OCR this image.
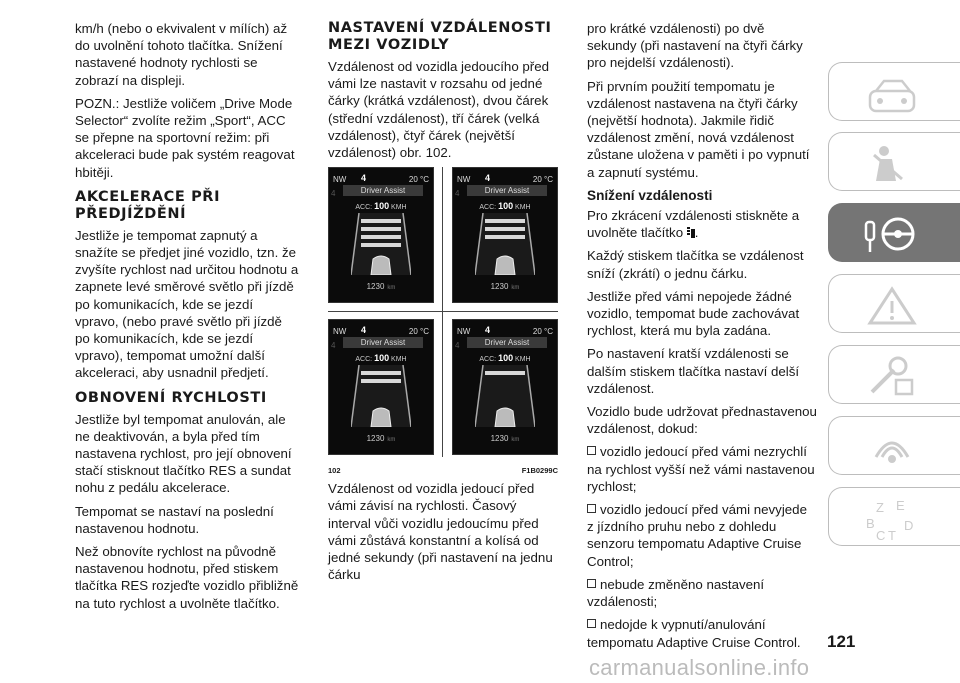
km/h (nebo o ekvivalent v mílích) až do uvolnění tohoto tlačítka. Snížení nastavené hodnoty rychlosti se zobrazí na displeji.

POZN.: Jestliže voličem „Drive Mode Selector“ zvolíte režim „Sport“, ACC se přepne na sportovní režim: při akceleraci bude pak systém reagovat hbitěji.

AKCELERACE PŘI PŘEDJÍŽDĚNÍ

Jestliže je tempomat zapnutý a snažíte se předjet jiné vozidlo, tzn. že zvyšíte rychlost nad určitou hodnotu a zapnete levé směrové světlo při jízdě po komunikacích, kde se jezdí vpravo, (nebo pravé světlo při jízdě po komunikacích, kde se jezdí vpravo), tempomat umožní další akceleraci, aby usnadnil předjetí.

OBNOVENÍ RYCHLOSTI

Jestliže byl tempomat anulován, ale ne deaktivován, a byla před tím nastavena rychlost, pro její obnovení stačí stisknout tlačítko RES a sundat nohu z pedálu akcelerace.

Tempomat se nastaví na poslední nastavenou hodnotu.

Než obnovíte rychlost na původně nastavenou hodnotu, před stiskem tlačítka RES rozjeďte vozidlo přibližně na tuto rychlost a uvolněte tlačítko.

NASTAVENÍ VZDÁLENOSTI MEZI VOZIDLY

Vzdálenost od vozidla jedoucího před vámi lze nastavit v rozsahu od jedné čárky (krátká vzdálenost), dvou čárek (střední vzdálenost), tří čárek (velká vzdálenost), čtyř čárek (největší vzdálenost) obr. 102.

NW 4	20 °C
4	Driver Assist
ACC: 100 KMH
1230 km
NW 4	20 °C
4	Driver Assist
ACC: 100 KMH
1230 km
NW 4	20 °C
4	Driver Assist
ACC: 100 KMH
1230 km
NW 4	20 °C
4	Driver Assist
ACC: 100 KMH
1230 km
102	F1B0299C

Vzdálenost od vozidla jedoucí před vámi závisí na rychlosti. Časový interval vůči vozidlu jedoucímu před vámi zůstává konstantní a kolísá od jedné sekundy (při nastavení na jednu čárku

pro krátké vzdálenosti) po dvě sekundy (při nastavení na čtyři čárky pro nejdelší vzdálenosti).

Při prvním použití tempomatu je vzdálenost nastavena na čtyři čárky (největší hodnota). Jakmile řidič vzdálenost změní, nová vzdálenost zůstane uložena v paměti i po vypnutí a zapnutí systému.

Snížení vzdálenosti

Pro zkrácení vzdálenosti stiskněte a uvolněte tlačítko .

Každý stiskem tlačítka se vzdálenost sníží (zkrátí) o jednu čárku.

Jestliže před vámi nepojede žádné vozidlo, tempomat bude zachovávat rychlost, která mu byla zadána.

Po nastavení kratší vzdálenosti se dalším stiskem tlačítka nastaví delší vzdálenost.

Vozidlo bude udržovat přednastavenou vzdálenost, dokud:

vozidlo jedoucí před vámi nezrychlí na rychlost vyšší než vámi nastavenou rychlost;

vozidlo jedoucí před vámi nevyjede z jízdního pruhu nebo z dohledu senzoru tempomatu Adaptive Cruise Control;

nebude změněno nastavení vzdálenosti;

nedojde k vypnutí/anulování tempomatu Adaptive Cruise Control.

Z E
B
C T
D
121
carmanualsonline.info
